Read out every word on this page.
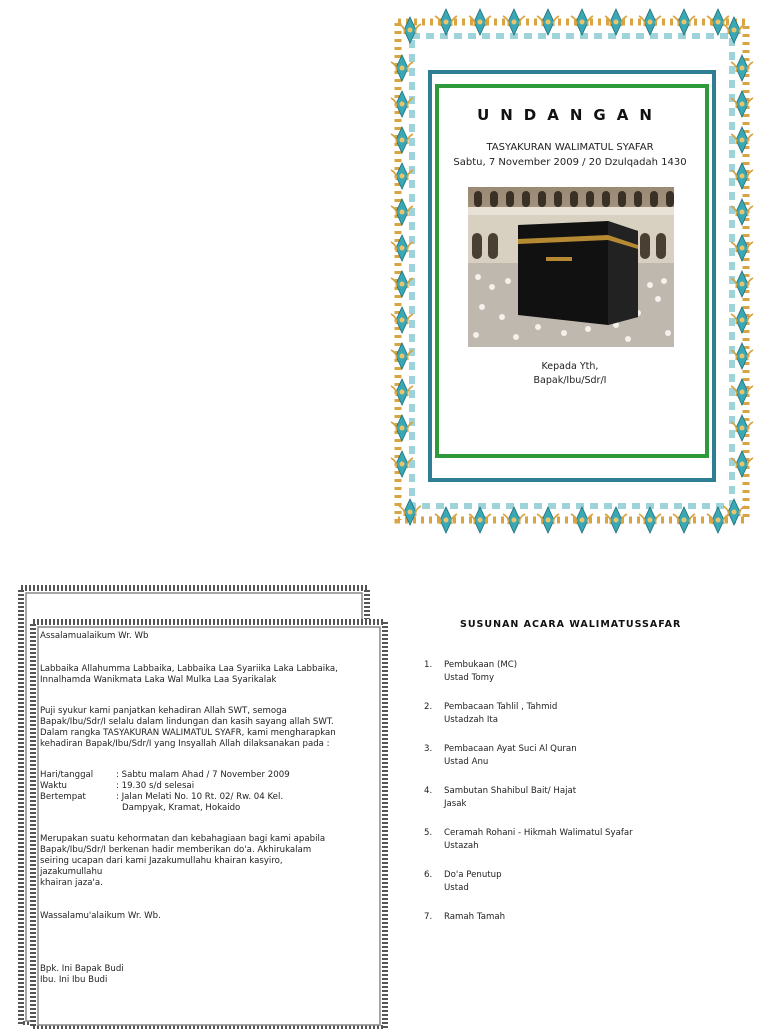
UNDANGAN
TASYAKURAN WALIMATUL SYAFAR
Sabtu, 7 November 2009 / 20 Dzulqadah 1430
Kepada Yth,
Bapak/Ibu/Sdr/I

Assalamualaikum Wr. Wb

Labbaika Allahumma Labbaika, Labbaika Laa Syariika Laka Labbaika,

Innalhamda Wanikmata Laka Wal Mulka Laa Syarikalak

Puji syukur kami panjatkan kehadiran Allah SWT, semoga

Bapak/Ibu/Sdr/I selalu dalam lindungan dan kasih sayang allah SWT.

Dalam rangka TASYAKURAN WALIMATUL SYAFR, kami mengharapkan

kehadiran Bapak/Ibu/Sdr/I yang Insyallah Allah dilaksanakan pada :

Hari/tanggal	: Sabtu malam Ahad / 7 November 2009
Waktu	: 19.30 s/d selesai
Bertempat	: Jalan Melati No. 10 Rt. 02/ Rw. 04 Kel.
Dampyak, Kramat, Hokaido

Merupakan suatu kehormatan dan kebahagiaan bagi kami apabila

Bapak/Ibu/Sdr/I berkenan hadir memberikan do'a. Akhirukalam

seiring ucapan dari kami Jazakumullahu khairan kasyiro, jazakumullahu

khairan jaza'a.

Wassalamu'alaikum Wr. Wb.

Bpk. Ini Bapak Budi

Ibu. Ini Ibu Budi

SUSUNAN ACARA WALIMATUSSAFAR
1.	Pembukaan (MC)
Ustad Tomy
2.	Pembacaan Tahlil , Tahmid
Ustadzah Ita
3.	Pembacaan Ayat Suci Al Quran
Ustad Anu
4.	Sambutan Shahibul Bait/ Hajat
Jasak
5.	Ceramah Rohani - Hikmah Walimatul Syafar
Ustazah
6.	Do'a Penutup
Ustad
7.	Ramah Tamah
